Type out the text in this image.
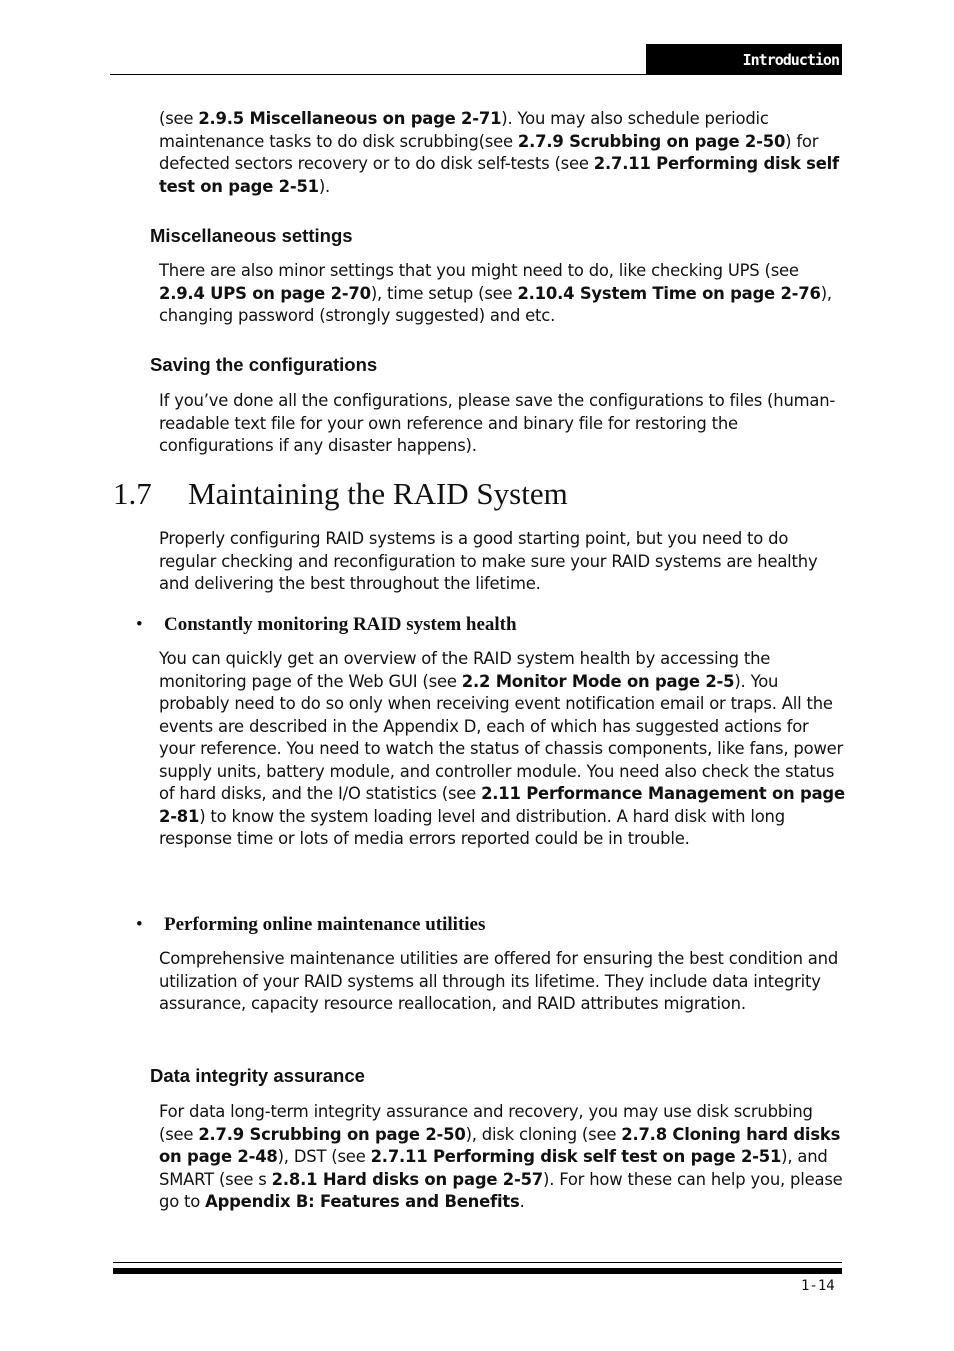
Introduction

(see 2.9.5 Miscellaneous on page 2-71). You may also schedule periodic maintenance tasks to do disk scrubbing(see 2.7.9 Scrubbing on page 2-50) for defected sectors recovery or to do disk self-tests (see 2.7.11 Performing disk self test on page 2-51).

Miscellaneous settings

There are also minor settings that you might need to do, like checking UPS (see 2.9.4 UPS on page 2-70), time setup (see 2.10.4 System Time on page 2-76), changing password (strongly suggested) and etc.

Saving the configurations

If you’ve done all the configurations, please save the configurations to files (human-readable text file for your own reference and binary file for restoring the configurations if any disaster happens).

1.7 Maintaining the RAID System

Properly configuring RAID systems is a good starting point, but you need to do regular checking and reconfiguration to make sure your RAID systems are healthy and delivering the best throughout the lifetime.

• Constantly monitoring RAID system health

You can quickly get an overview of the RAID system health by accessing the monitoring page of the Web GUI (see 2.2 Monitor Mode on page 2-5). You probably need to do so only when receiving event notification email or traps. All the events are described in the Appendix D, each of which has suggested actions for your reference. You need to watch the status of chassis components, like fans, power supply units, battery module, and controller module. You need also check the status of hard disks, and the I/O statistics (see 2.11 Performance Management on page 2-81) to know the system loading level and distribution. A hard disk with long response time or lots of media errors reported could be in trouble.

• Performing online maintenance utilities

Comprehensive maintenance utilities are offered for ensuring the best condition and utilization of your RAID systems all through its lifetime. They include data integrity assurance, capacity resource reallocation, and RAID attributes migration.

Data integrity assurance

For data long-term integrity assurance and recovery, you may use disk scrubbing (see 2.7.9 Scrubbing on page 2-50), disk cloning (see 2.7.8 Cloning hard disks on page 2-48), DST (see 2.7.11 Performing disk self test on page 2-51), and SMART (see s 2.8.1 Hard disks on page 2-57). For how these can help you, please go to Appendix B: Features and Benefits.

1-14
